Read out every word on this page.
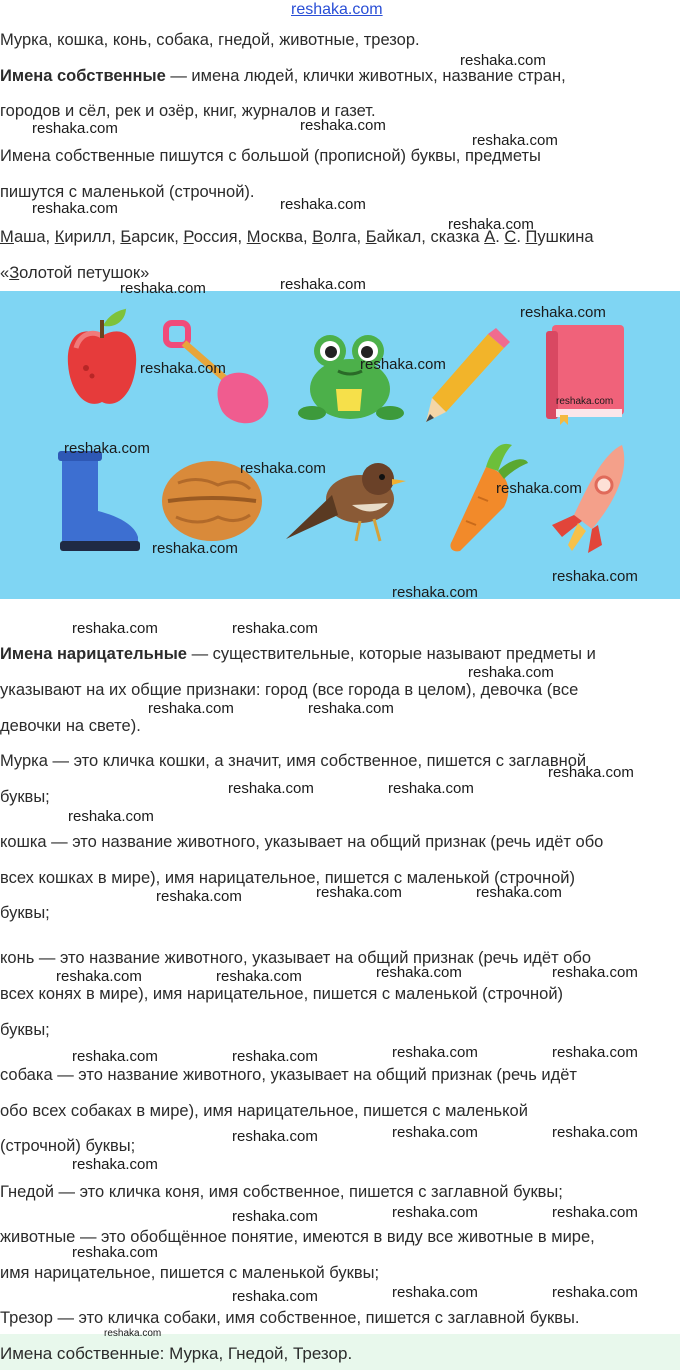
reshaka.com
Мурка, кошка, конь, собака, гнедой, животные, трезор.
Имена собственные — имена людей, клички животных, название стран,
городов и сёл, рек и озёр, книг, журналов и газет.
Имена собственные пишутся с большой (прописной) буквы, предметы
пишутся с маленькой (строчной).
Маша, Кирилл, Барсик, Россия, Москва, Волга, Байкал, сказка А. С. Пушкина
«Золотой петушок»
Имена нарицательные — существительные, которые называют предметы и
указывают на их общие признаки: город (все города в целом), девочка (все
девочки на свете).
Мурка — это кличка кошки, а значит, имя собственное, пишется с заглавной
буквы;
кошка — это название животного, указывает на общий признак (речь идёт обо
всех кошках в мире), имя нарицательное, пишется с маленькой (строчной)
буквы;
конь — это название животного, указывает на общий признак (речь идёт обо
всех конях в мире), имя нарицательное, пишется с маленькой (строчной)
буквы;
собака — это название животного, указывает на общий признак (речь идёт
обо всех собаках в мире), имя нарицательное, пишется с маленькой
(строчной) буквы;
Гнедой — это кличка коня, имя собственное, пишется с заглавной буквы;
животные — это обобщённое понятие, имеются в виду все животные в мире,
имя нарицательное, пишется с маленькой буквы;
Трезор — это кличка собаки, имя собственное, пишется с заглавной буквы.
Имена собственные: Мурка, Гнедой, Трезор.
reshaka.com
reshaka.com	reshaka.com
reshaka.com
reshaka.com	reshaka.com
reshaka.com
reshaka.com	reshaka.com
reshaka.com
reshaka.com	reshaka.com
reshaka.com
reshaka.com
reshaka.com
reshaka.com
reshaka.com
reshaka.com
reshaka.com
reshaka.com	reshaka.com
reshaka.com
reshaka.com	reshaka.com
reshaka.com
reshaka.com	reshaka.com
reshaka.com
reshaka.com	reshaka.com	reshaka.com
reshaka.com	reshaka.com	reshaka.com	reshaka.com
reshaka.com	reshaka.com	reshaka.com	reshaka.com
reshaka.com	reshaka.com	reshaka.com
reshaka.com
reshaka.com	reshaka.com	reshaka.com
reshaka.com
reshaka.com	reshaka.com	reshaka.com
reshaka.com
